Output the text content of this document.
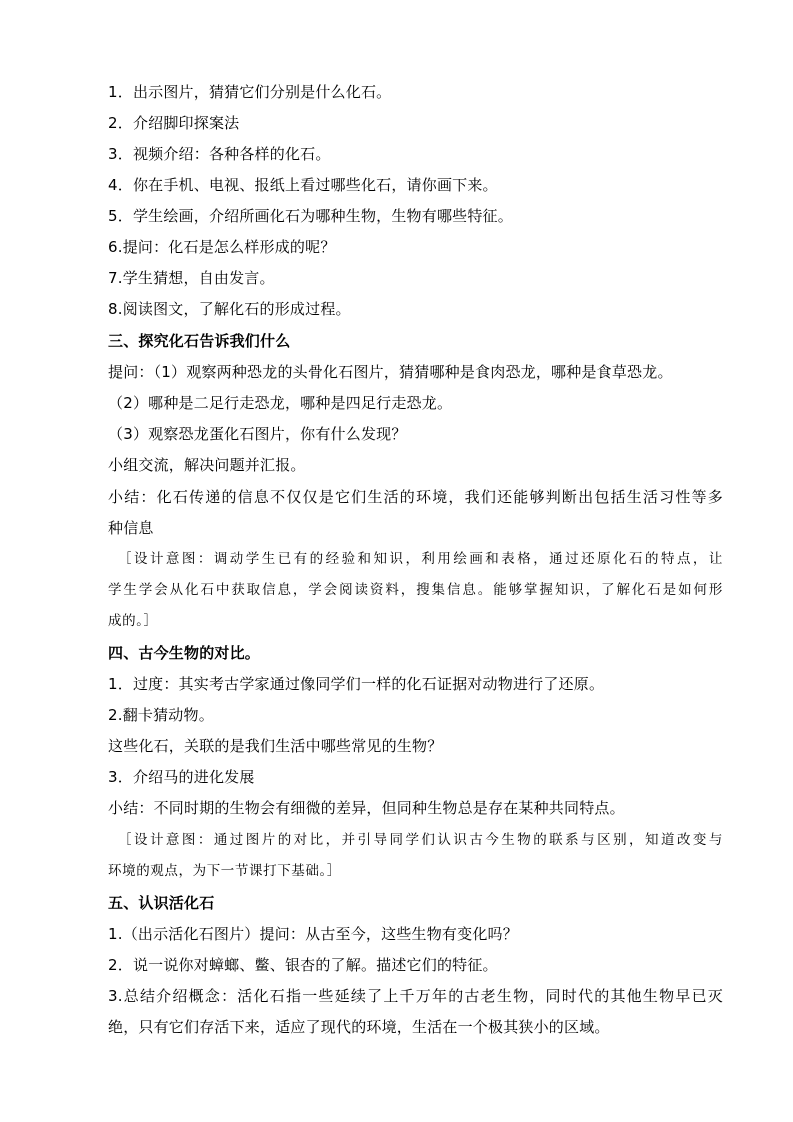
1．出示图片，猜猜它们分别是什么化石。
2．介绍脚印探案法
3．视频介绍：各种各样的化石。
4．你在手机、电视、报纸上看过哪些化石，请你画下来。
5．学生绘画，介绍所画化石为哪种生物，生物有哪些特征。
6.提问：化石是怎么样形成的呢？
7.学生猜想，自由发言。
8.阅读图文，了解化石的形成过程。
三、探究化石告诉我们什么
提问：（1）观察两种恐龙的头骨化石图片，猜猜哪种是食肉恐龙，哪种是食草恐龙。
（2）哪种是二足行走恐龙，哪种是四足行走恐龙。
（3）观察恐龙蛋化石图片，你有什么发现？
小组交流，解决问题并汇报。
小结：化石传递的信息不仅仅是它们生活的环境，我们还能够判断出包括生活习性等多
种信息
［设计意图：调动学生已有的经验和知识，利用绘画和表格，通过还原化石的特点，让
学生学会从化石中获取信息，学会阅读资料，搜集信息。能够掌握知识，了解化石是如何形
成的。］
四、古今生物的对比。
1．过度：其实考古学家通过像同学们一样的化石证据对动物进行了还原。
2.翻卡猜动物。
这些化石，关联的是我们生活中哪些常见的生物？
3．介绍马的进化发展
小结：不同时期的生物会有细微的差异，但同种生物总是存在某种共同特点。
［设计意图：通过图片的对比，并引导同学们认识古今生物的联系与区别，知道改变与
环境的观点，为下一节课打下基础。］
五、认识活化石
1.（出示活化石图片）提问：从古至今，这些生物有变化吗？
2．说一说你对蟑螂、鳖、银杏的了解。描述它们的特征。
3.总结介绍概念：活化石指一些延续了上千万年的古老生物，同时代的其他生物早已灭
绝，只有它们存活下来，适应了现代的环境，生活在一个极其狭小的区域。
